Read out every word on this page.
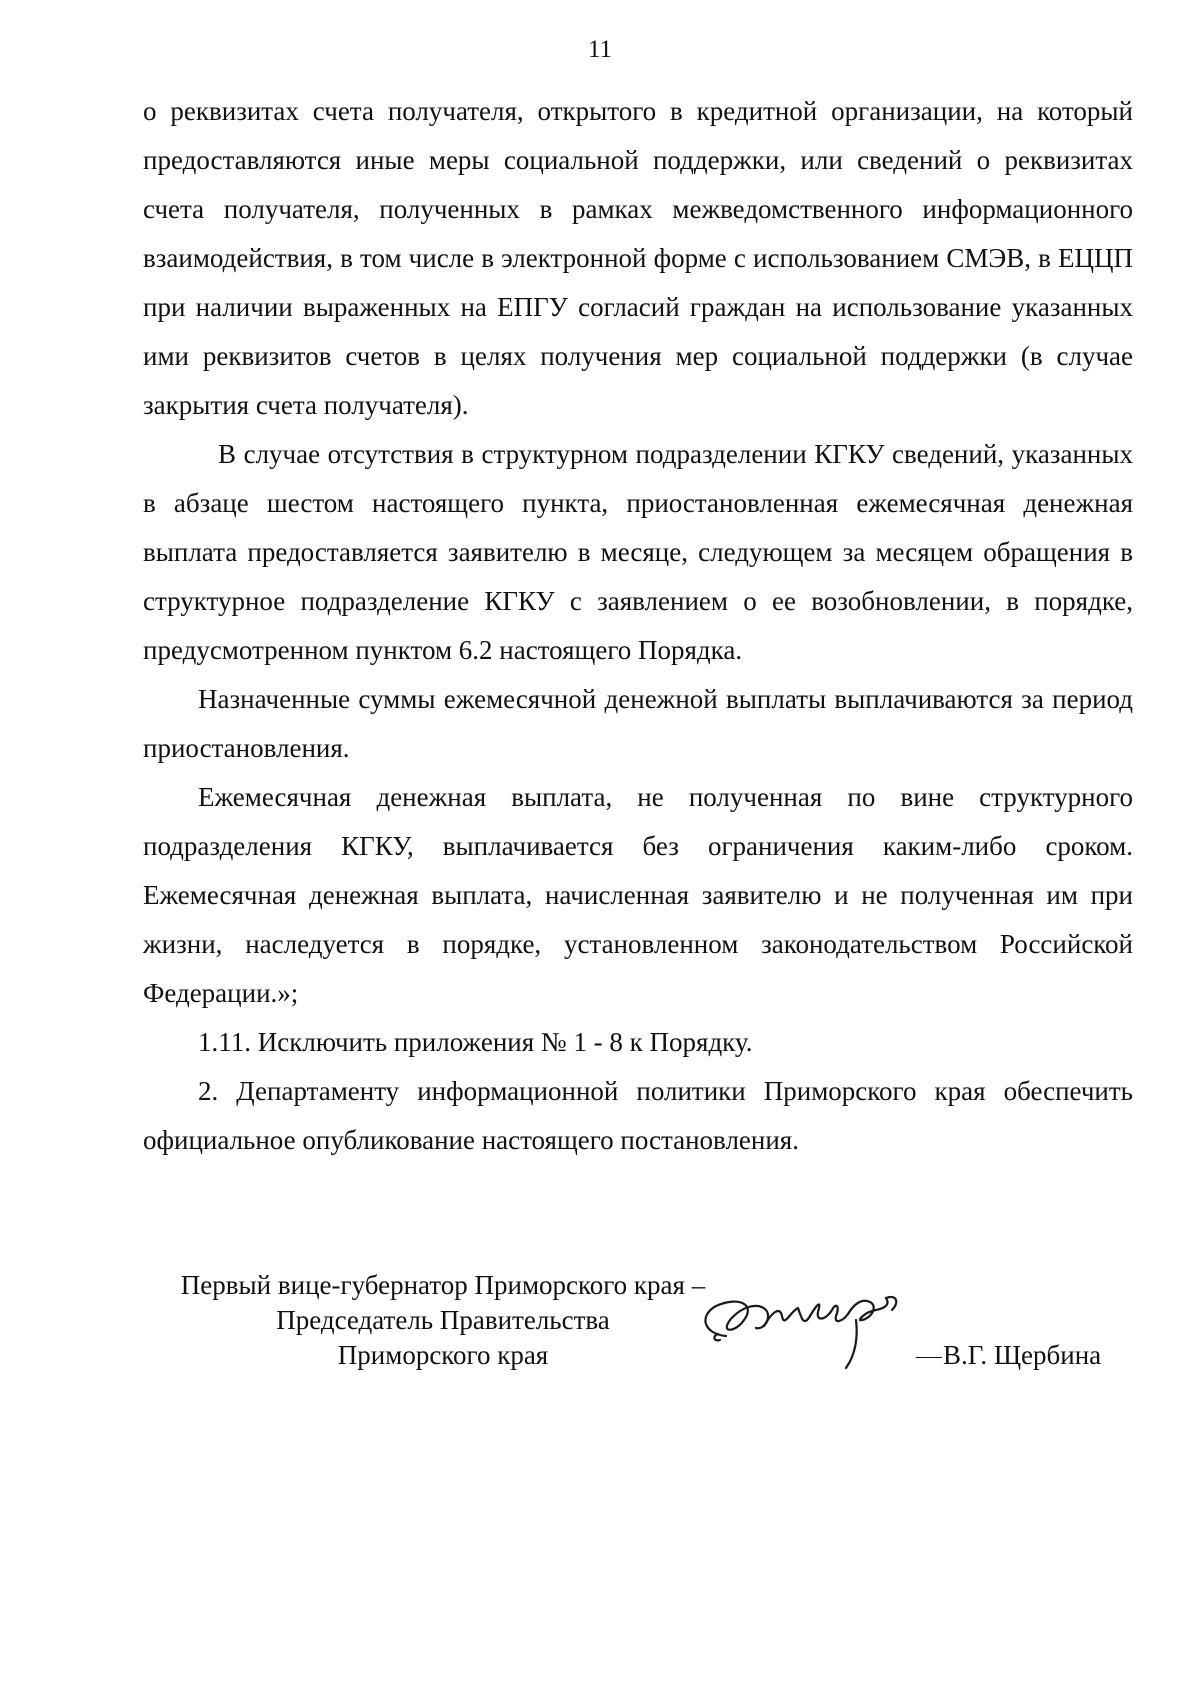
11

о реквизитах счета получателя, открытого в кредитной организации, на который предоставляются иные меры социальной поддержки, или сведений о реквизитах счета получателя, полученных в рамках межведомственного информационного взаимодействия, в том числе в электронной форме с использованием СМЭВ, в ЕЦЦП при наличии выраженных на ЕПГУ согласий граждан на использование указанных ими реквизитов счетов в целях получения мер социальной поддержки (в случае закрытия счета получателя).

В случае отсутствия в структурном подразделении КГКУ сведений, указанных в абзаце шестом настоящего пункта, приостановленная ежемесячная денежная выплата предоставляется заявителю в месяце, следующем за месяцем обращения в структурное подразделение КГКУ с заявлением о ее возобновлении, в порядке, предусмотренном пунктом 6.2 настоящего Порядка.

Назначенные суммы ежемесячной денежной выплаты выплачиваются за период приостановления.

Ежемесячная денежная выплата, не полученная по вине структурного подразделения КГКУ, выплачивается без ограничения каким-либо сроком. Ежемесячная денежная выплата, начисленная заявителю и не полученная им при жизни, наследуется в порядке, установленном законодательством Российской Федерации.»;

1.11. Исключить приложения № 1 - 8 к Порядку.

2. Департаменту информационной политики Приморского края обеспечить официальное опубликование настоящего постановления.

Первый вице-губернатор Приморского края –
Председатель Правительства
Приморского края	В.Г. Щербина
